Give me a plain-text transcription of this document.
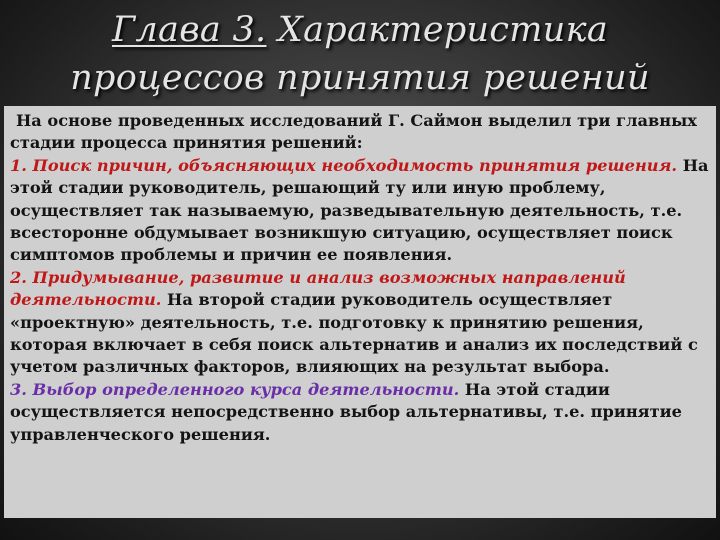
Глава 3. Характеристика
процессов принятия решений

На основе проведенных исследований Г. Саймон выделил три главных стадии процесса принятия решений:

1. Поиск причин, объясняющих необходимость принятия решения. На этой стадии руководитель, решающий ту или иную проблему, осуществляет так называемую, разведывательную деятельность, т.е. всесторонне обдумывает возникшую ситуацию, осуществляет поиск симптомов проблемы и причин ее появления.

2. Придумывание, развитие и анализ возможных направлений деятельности. На второй стадии руководитель осуществляет «проектную» деятельность, т.е. подготовку к принятию решения, которая включает в себя поиск альтернатив и анализ их последствий с учетом различных факторов, влияющих на результат выбора.

3. Выбор определенного курса деятельности. На этой стадии осуществляется непосредственно выбор альтернативы, т.е. принятие управленческого решения.
